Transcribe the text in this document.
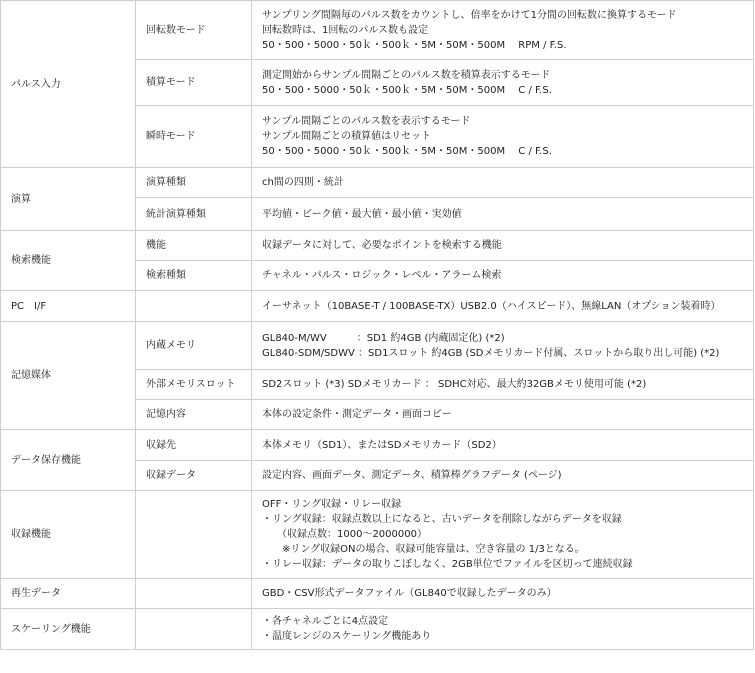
パルス入力	回転数モード	サンプリング間隔毎のパルス数をカウントし、倍率をかけて1分間の回転数に換算するモード
回転数時は、1回転のパルス数も設定
50・500・5000・50ｋ・500ｋ・5M・50M・500M　 RPM / F.S.

	積算モード	測定開始からサンプル間隔ごとのパルス数を積算表示するモード
50・500・5000・50ｋ・500ｋ・5M・50M・500M　 C / F.S.

	瞬時モード	サンプル間隔ごとのパルス数を表示するモード
サンプル間隔ごとの積算値はリセット
50・500・5000・50ｋ・500ｋ・5M・50M・500M　 C / F.S.

演算	演算種類	ch間の四則・統計
	統計演算種類	平均値・ピーク値・最大値・最小値・実効値
検索機能	機能	収録データに対して、必要なポイントを検索する機能
	検索種類	チャネル・パルス・ロジック・レベル・アラーム検索
PC　I/F		イーサネット（10BASE-T / 100BASE-TX）USB2.0（ハイスピード）、無線LAN（オプション装着時）
記憶媒体	内蔵メモリ	GL840-M/WV　　　：SD1 約4GB (内蔵固定化) (*2)
GL840-SDM/SDWV ：SD1スロット 約4GB (SDメモリカード付属、スロットから取り出し可能) (*2)

	外部メモリスロット	SD2スロット (*3) SDメモリカード ： SDHC対応、最大約32GBメモリ使用可能 (*2)
	記憶内容	本体の設定条件・測定データ・画面コピー
データ保存機能	収録先	本体メモリ（SD1）、またはSDメモリカード（SD2）
	収録データ	設定内容、画面データ、測定データ、積算棒グラフデータ (ページ)
収録機能		OFF・リング収録・リレー収録
・リング収録：収録点数以上になると、古いデータを削除しながらデータを収録
　　（収録点数：1000～2000000）
　　※リング収録ONの場合、収録可能容量は、空き容量の 1/3となる。
・リレー収録：データの取りこぼしなく、2GB単位でファイルを区切って連続収録

再生データ		GBD・CSV形式データファイル（GL840で収録したデータのみ）
スケーリング機能		・各チャネルごとに4点設定
・温度レンジのスケーリング機能あり
